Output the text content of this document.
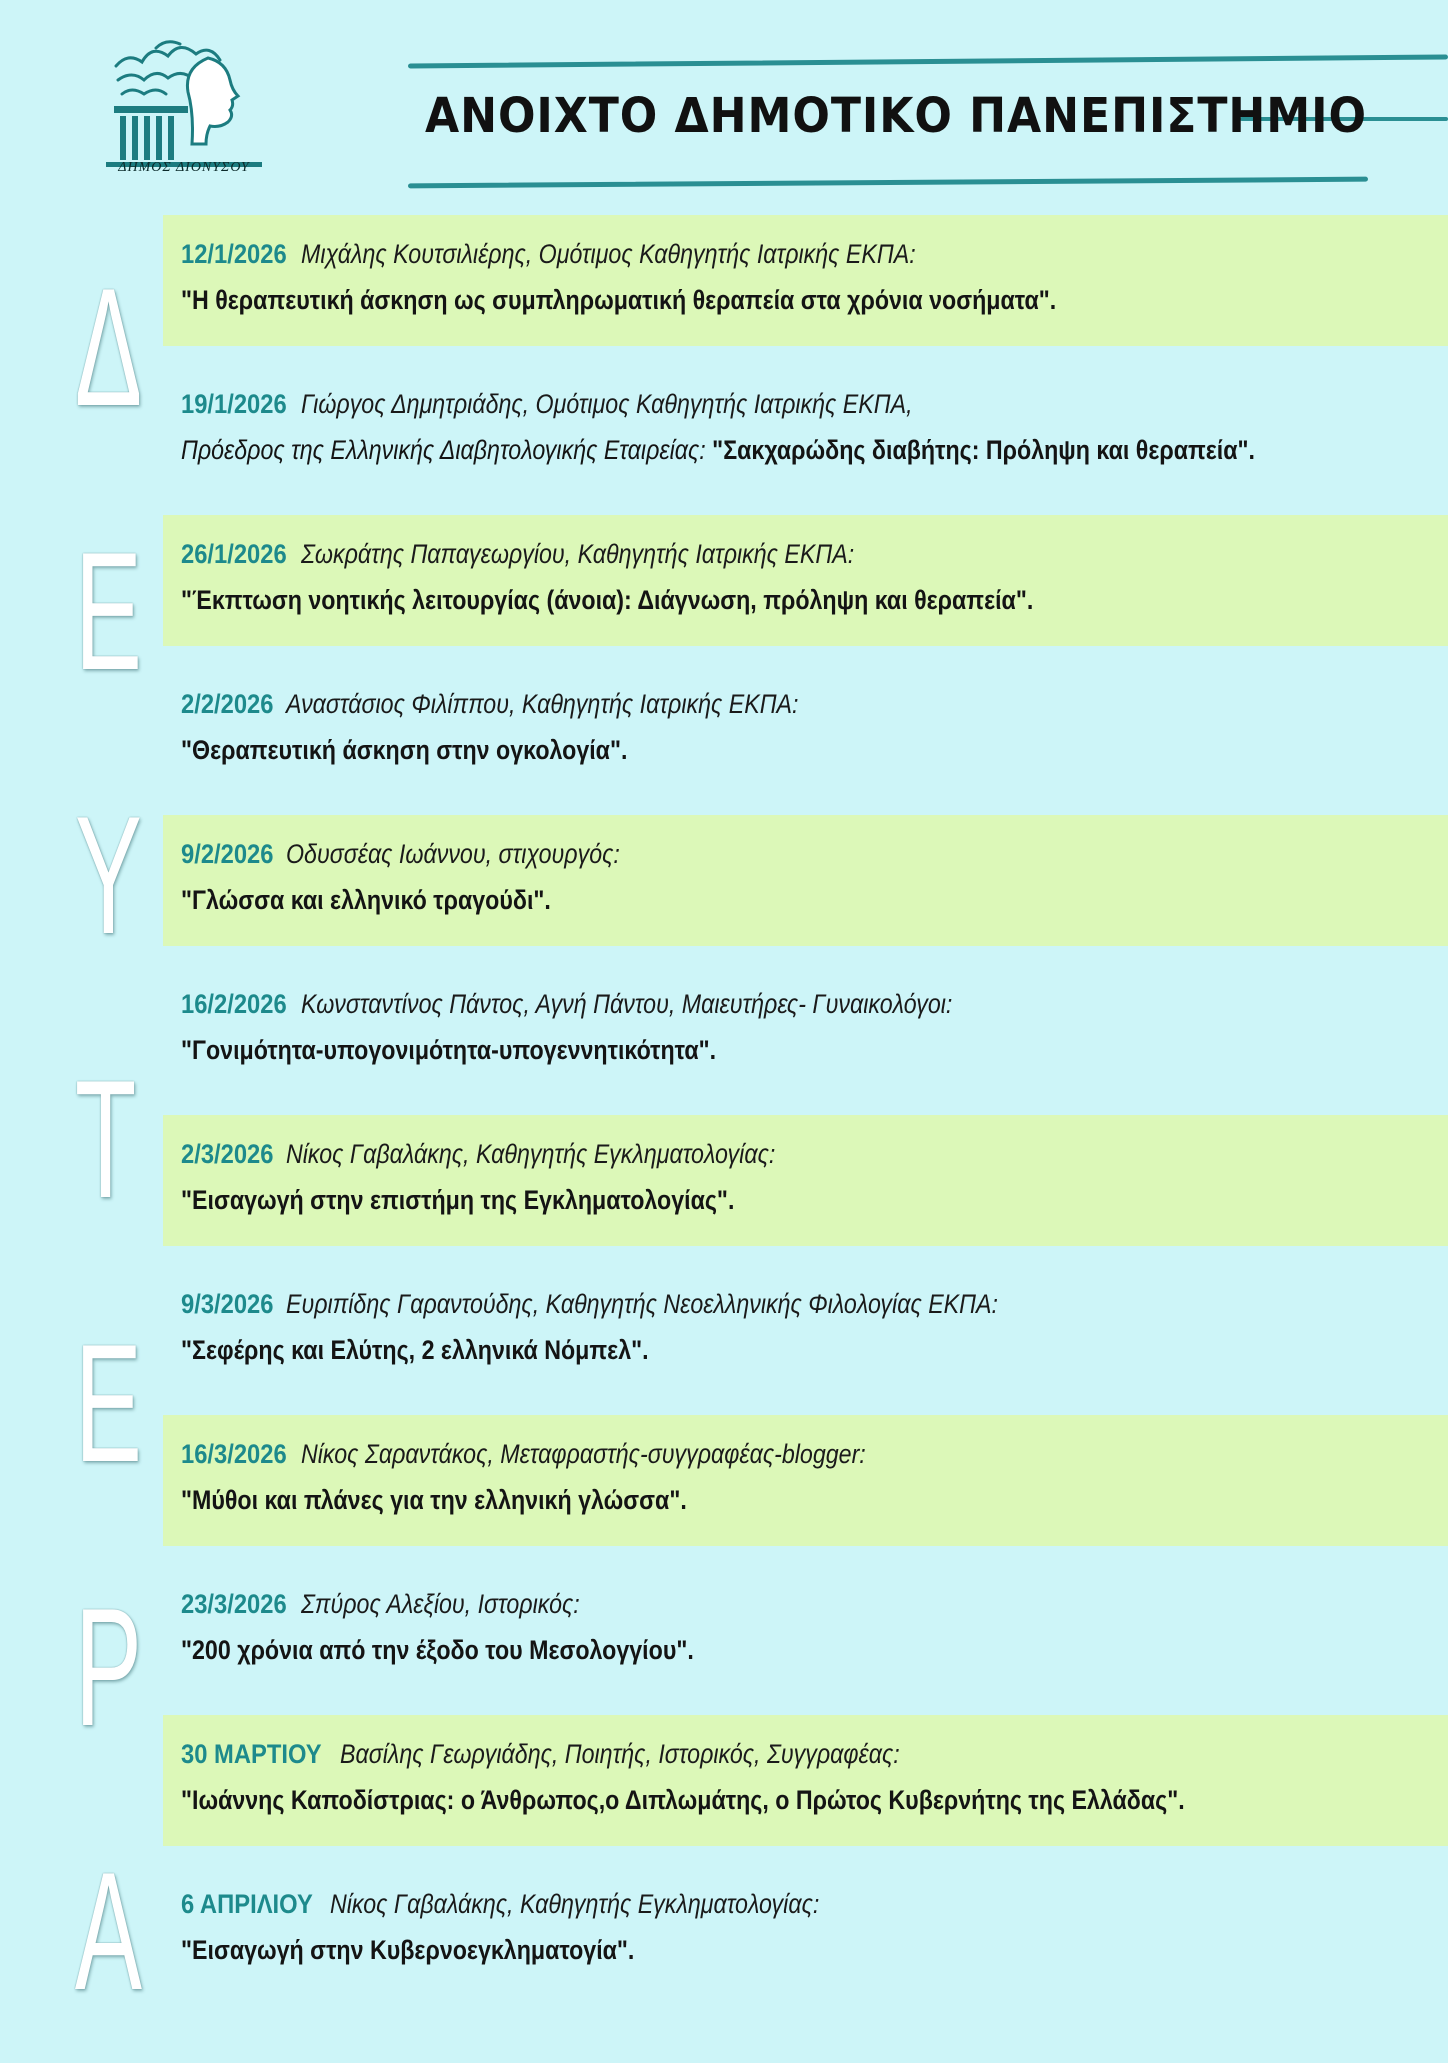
ΔΗΜΟΣ ΔΙΟΝΥΣΟΥ
ΑΝΟΙΧΤΟ ΔΗΜΟΤΙΚΟ ΠΑΝΕΠΙΣΤΗΜΙΟ
Δ
Ε
Υ
Τ
Ε
Ρ
Α
12/1/2026 Μιχάλης Κουτσιλιέρης, Ομότιμος Καθηγητής Ιατρικής ΕΚΠΑ:
"Η θεραπευτική άσκηση ως συμπληρωματική θεραπεία στα χρόνια νοσήματα".
19/1/2026 Γιώργος Δημητριάδης, Ομότιμος Καθηγητής Ιατρικής ΕΚΠΑ,
Πρόεδρος της Ελληνικής Διαβητολογικής Εταιρείας: "Σακχαρώδης διαβήτης: Πρόληψη και θεραπεία".
26/1/2026 Σωκράτης Παπαγεωργίου, Καθηγητής Ιατρικής ΕΚΠΑ:
"Έκπτωση νοητικής λειτουργίας (άνοια): Διάγνωση, πρόληψη και θεραπεία".
2/2/2026 Αναστάσιος Φιλίππου, Καθηγητής Ιατρικής ΕΚΠΑ:
"Θεραπευτική άσκηση στην ογκολογία".
9/2/2026 Οδυσσέας Ιωάννου, στιχουργός:
"Γλώσσα και ελληνικό τραγούδι".
16/2/2026 Κωνσταντίνος Πάντος, Αγνή Πάντου, Μαιευτήρες- Γυναικολόγοι:
"Γονιμότητα-υπογονιμότητα-υπογεννητικότητα".
2/3/2026 Νίκος Γαβαλάκης, Καθηγητής Εγκληματολογίας:
"Εισαγωγή στην επιστήμη της Εγκληματολογίας".
9/3/2026 Ευριπίδης Γαραντούδης, Καθηγητής Νεοελληνικής Φιλολογίας ΕΚΠΑ:
"Σεφέρης και Ελύτης, 2 ελληνικά Νόμπελ".
16/3/2026 Νίκος Σαραντάκος, Μεταφραστής-συγγραφέας-blogger:
"Μύθοι και πλάνες για την ελληνική γλώσσα".
23/3/2026 Σπύρος Αλεξίου, Ιστορικός:
"200 χρόνια από την έξοδο του Μεσολογγίου".
30 ΜΑΡΤΙΟΥ Βασίλης Γεωργιάδης, Ποιητής, Ιστορικός, Συγγραφέας:
"Ιωάννης Καποδίστριας: ο Άνθρωπος,ο Διπλωμάτης, ο Πρώτος Κυβερνήτης της Ελλάδας".
6 ΑΠΡΙΛΙΟΥ Νίκος Γαβαλάκης, Καθηγητής Εγκληματολογίας:
"Εισαγωγή στην Κυβερνοεγκληματογία".
